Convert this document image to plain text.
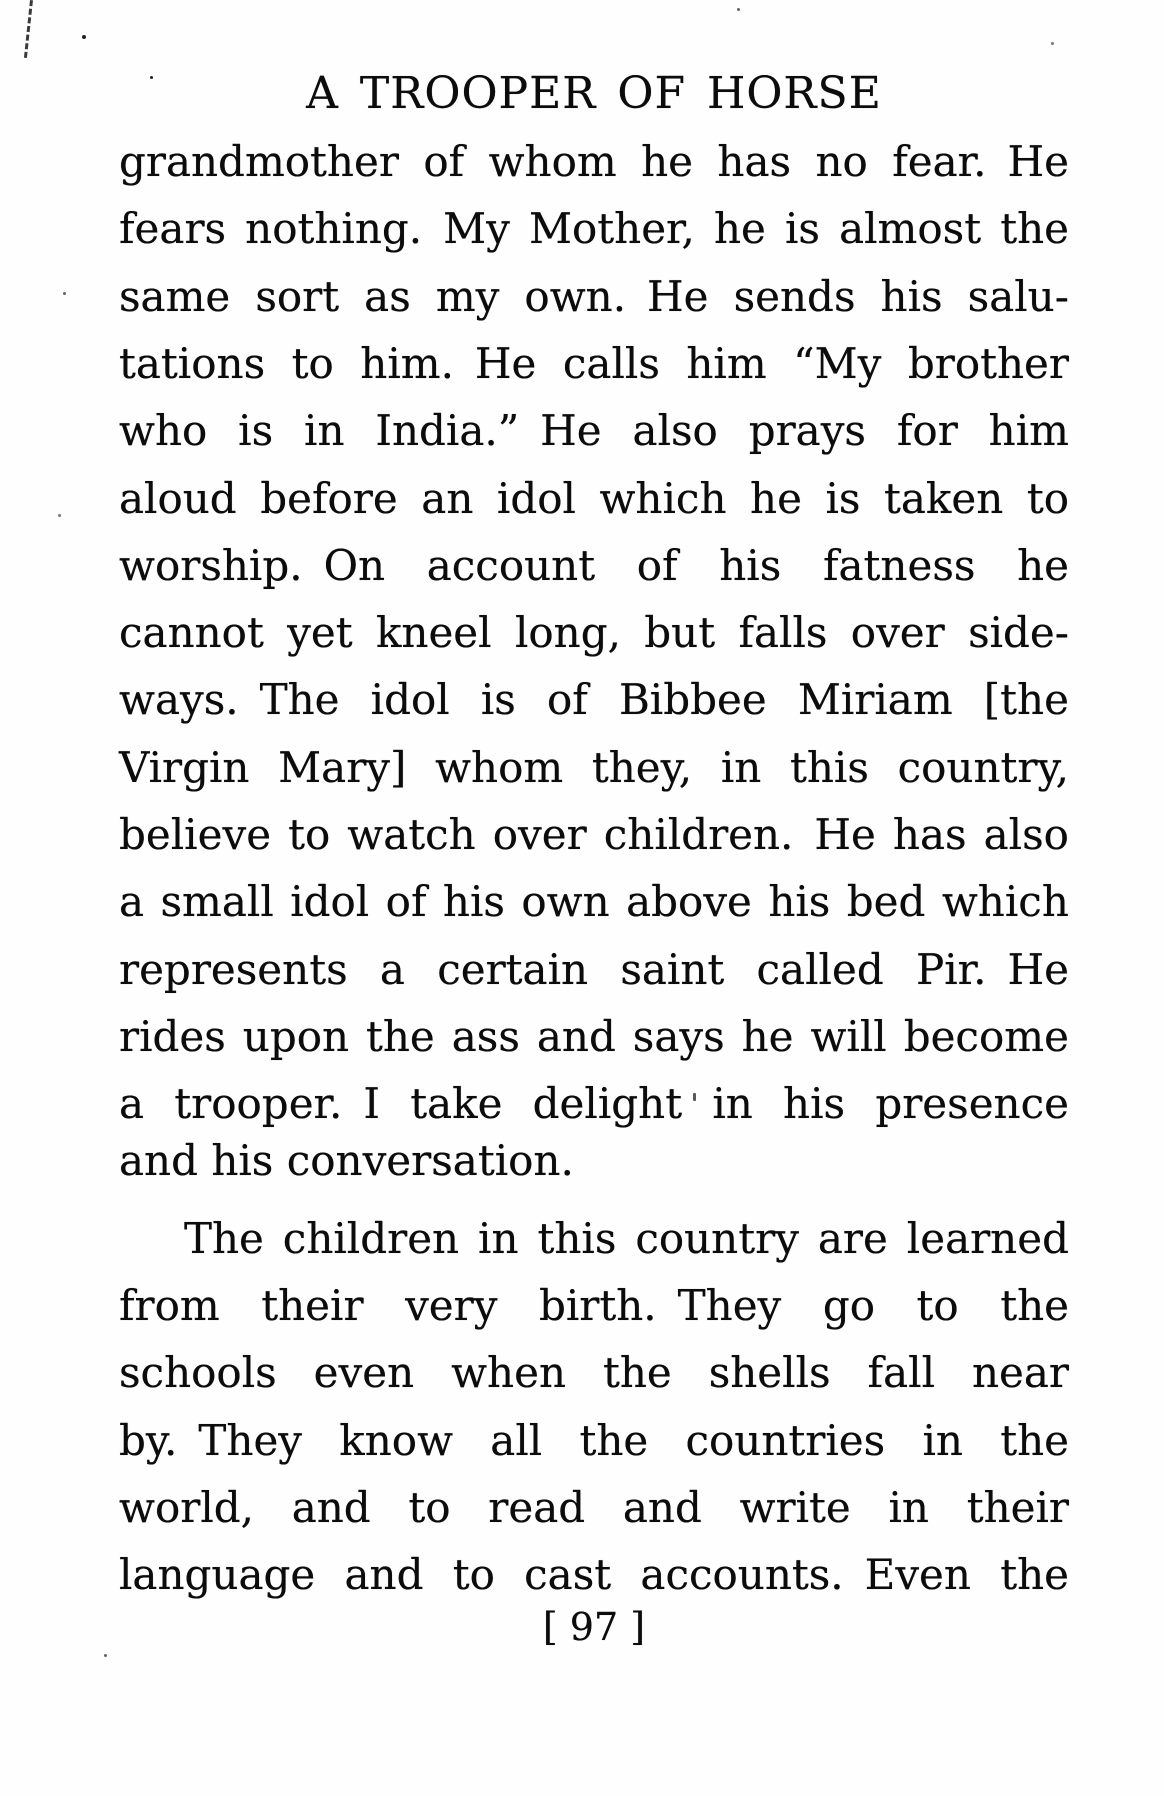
A TROOPER OF HORSE
grandmother of whom he has no fear. He
fears nothing. My Mother, he is almost the
same sort as my own. He sends his salu-
tations to him. He calls him “My brother
who is in India.” He also prays for him
aloud before an idol which he is taken to
worship. On account of his fatness he
cannot yet kneel long, but falls over side-
ways. The idol is of Bibbee Miriam [the
Virgin Mary] whom they, in this country,
believe to watch over children. He has also
a small idol of his own above his bed which
represents a certain saint called Pir. He
rides upon the ass and says he will become
a trooper. I take delight in his presence
and his conversation.
The children in this country are learned
from their very birth. They go to the
schools even when the shells fall near
by. They know all the countries in the
world, and to read and write in their
language and to cast accounts. Even the
[ 97 ]
